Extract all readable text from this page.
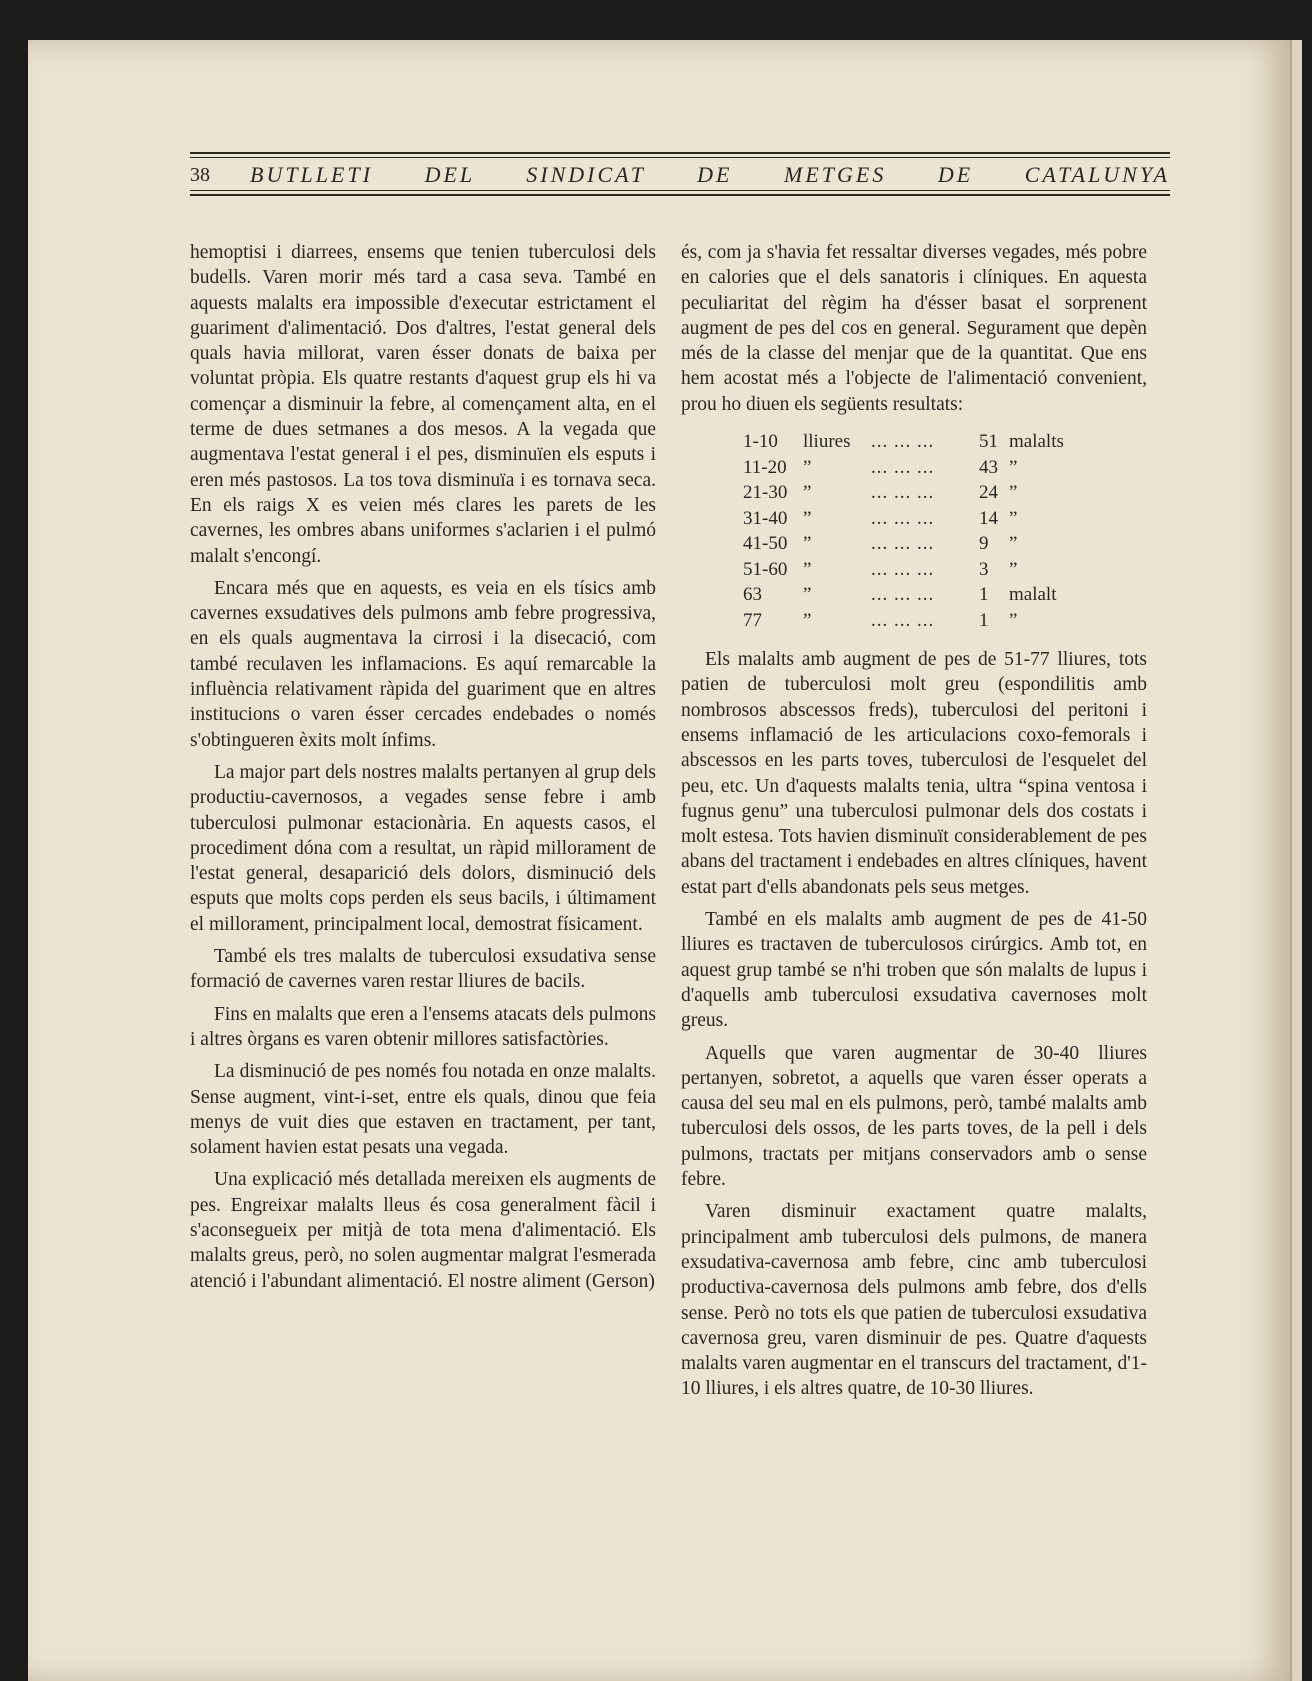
38 BUTLLETI DEL SINDICAT DE METGES DE CATALUNYA

hemoptisi i diarrees, ensems que tenien tuberculosi dels budells. Varen morir més tard a casa seva. També en aquests malalts era impossible d'executar estrictament el guariment d'alimentació. Dos d'altres, l'estat general dels quals havia millorat, varen ésser donats de baixa per voluntat pròpia. Els quatre restants d'aquest grup els hi va començar a disminuir la febre, al començament alta, en el terme de dues setmanes a dos mesos. A la vegada que augmentava l'estat general i el pes, disminuïen els esputs i eren més pastosos. La tos tova disminuïa i es tornava seca. En els raigs X es veien més clares les parets de les cavernes, les ombres abans uniformes s'aclarien i el pulmó malalt s'encongí.

Encara més que en aquests, es veia en els tísics amb cavernes exsudatives dels pulmons amb febre progressiva, en els quals augmentava la cirrosi i la disecació, com també reculaven les inflamacions. Es aquí remarcable la influència relativament ràpida del guariment que en altres institucions o varen ésser cercades endebades o només s'obtingueren èxits molt ínfims.

La major part dels nostres malalts pertanyen al grup dels productiu-cavernosos, a vegades sense febre i amb tuberculosi pulmonar estacionària. En aquests casos, el procediment dóna com a resultat, un ràpid millorament de l'estat general, desaparició dels dolors, disminució dels esputs que molts cops perden els seus bacils, i últimament el millorament, principalment local, demostrat físicament.

També els tres malalts de tuberculosi exsudativa sense formació de cavernes varen restar lliures de bacils.

Fins en malalts que eren a l'ensems atacats dels pulmons i altres òrgans es varen obtenir millores satisfactòries.

La disminució de pes només fou notada en onze malalts. Sense augment, vint-i-set, entre els quals, dinou que feia menys de vuit dies que estaven en tractament, per tant, solament havien estat pesats una vegada.

Una explicació més detallada mereixen els augments de pes. Engreixar malalts lleus és cosa generalment fàcil i s'aconsegueix per mitjà de tota mena d'alimentació. Els malalts greus, però, no solen augmentar malgrat l'esmerada atenció i l'abundant alimentació. El nostre aliment (Gerson)

és, com ja s'havia fet ressaltar diverses vegades, més pobre en calories que el dels sanatoris i clíniques. En aquesta peculiaritat del règim ha d'ésser basat el sorprenent augment de pes del cos en general. Segurament que depèn més de la classe del menjar que de la quantitat. Que ens hem acostat més a l'objecte de l'alimentació convenient, prou ho diuen els següents resultats:

1-10	lliures	... ... ...	51 malalts
11-20 ”	... ... ...	43 ”
21-30 ”	... ... ...	24 ”
31-40 ”	... ... ...	14 ”
41-50 ”	... ... ...	9	”
51-60 ”	... ... ...	3	”
63	”	... ... ...	1	malalt
77	”	... ... ...	1	”

Els malalts amb augment de pes de 51-77 lliures, tots patien de tuberculosi molt greu (espondilitis amb nombrosos abscessos freds), tuberculosi del peritoni i ensems inflamació de les articulacions coxo-femorals i abscessos en les parts toves, tuberculosi de l'esquelet del peu, etc. Un d'aquests malalts tenia, ultra “spina ventosa i fugnus genu” una tuberculosi pulmonar dels dos costats i molt estesa. Tots havien disminuït considerablement de pes abans del tractament i endebades en altres clíniques, havent estat part d'ells abandonats pels seus metges.

També en els malalts amb augment de pes de 41-50 lliures es tractaven de tuberculosos cirúrgics. Amb tot, en aquest grup també se n'hi troben que són malalts de lupus i d'aquells amb tuberculosi exsudativa cavernoses molt greus.

Aquells que varen augmentar de 30-40 lliures pertanyen, sobretot, a aquells que varen ésser operats a causa del seu mal en els pulmons, però, també malalts amb tuberculosi dels ossos, de les parts toves, de la pell i dels pulmons, tractats per mitjans conservadors amb o sense febre.

Varen disminuir exactament quatre malalts, principalment amb tuberculosi dels pulmons, de manera exsudativa-cavernosa amb febre, cinc amb tuberculosi productiva-cavernosa dels pulmons amb febre, dos d'ells sense. Però no tots els que patien de tuberculosi exsudativa cavernosa greu, varen disminuir de pes. Quatre d'aquests malalts varen augmentar en el transcurs del tractament, d'1-10 lliures, i els altres quatre, de 10-30 lliures.
